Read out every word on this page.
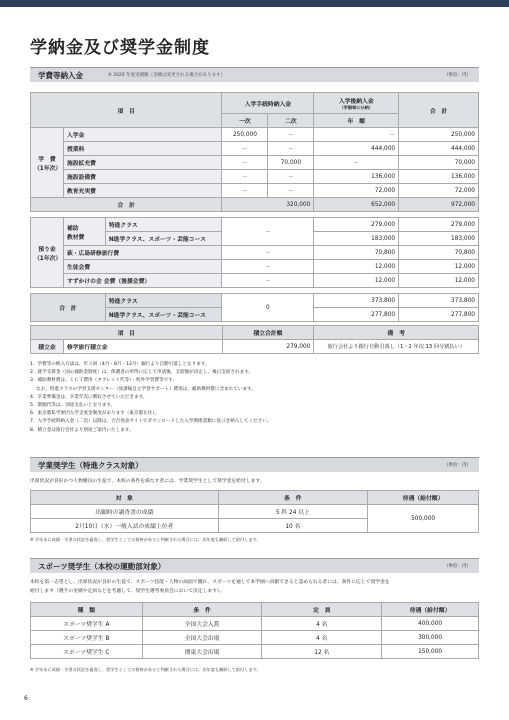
学納金及び奨学金制度
学費等納入金	※ 2020 年度実績額（金額は変更される場合があります）	（単位：円）
項　目			入学手続時納入金		入学後納入金
（学期毎に分納）	合　計
			一次	二次	年　額	
学　費
（1年次）	入学金		250,000	－	－	250,000
	授業料		－	－	444,000	444,000
	施設拡充費		－	70,000	－	70,000
	施設設備費		－	－	136,000	136,000
	教育充実費		－	－	72,000	72,000
合　計			320,000		652,000	972,000

預り金
（1年次）	補助
教材費	特進クラス	－		279,000	279,000
		N進学クラス、スポーツ・芸能コース			183,000	183,000
	萩・広島研修旅行費		－		70,800	70,800
	生徒会費		－		12,000	12,000
	すずかけの会 会費（後援会費）		－		12,000	12,000

合　計		特進クラス	0		373,800	373,800
		N進学クラス、スポーツ・芸能コース			277,800	277,800
項　目		積立合計額	備　考
積立金	修学旅行積立金	279,000	旅行会社より銀行自動引落し（1・2 年次 13 回分割払い）
1．学費等の納入方法は、年３回（4月・8月・12月）銀行より自動引落しとなります。
2．就学支援金（国の補助金制度）は、保護者の所得に応じて申請後、支給額が決定し、後日支給されます。
3．補助教材費は、ＩＣＴ費用（タブレット代等）・校外学習費等です。
　 なお、特進クラスの学習支援センター（放課後自主学習サポート）費用は、補助教材費に含まれています。
4．卒業準備金は、卒業年次に徴収させていただきます。
5．制服代等は、別途支払いとなります。
6．東京都私学財団入学支度金制度があります（東京都在住）。
7．入学手続時納入金（二次）以降は、合否発表サイトでダウンロードした入学関係書類に基づき納入してください。
8．積立金は旅行会社より別途ご案内いたします。
学業奨学生（特進クラス対象）	（単位：円）
出席状況が良好かつ人物優良の生徒で、本校の条件を満たす者には、学業奨学生として奨学金を給付します。
対　象	条　件	待遇（給付額）
出願時の調査書の成績	5 科 24 以上	500,000
2月10日（水）一般入試の成績上位者	10 名	
※ 学年末に成績・学習の状況を審査し、奨学生としての資格があると判断された場合には、次年度も継続して給付します。
スポーツ奨学生（本校の運動部対象）	（単位：円）
本校を第一志望とし、出席状況が良好の生徒で、スポーツ技能・人物の両面で優れ、スポーツを通して本学園へ貢献できると認められる者には、条件に応じて奨学金を
給付します（選手の実績や定員などを考慮して、奨学生選考委員会において決定します）。
種　類	条　件	定　員	待遇（給付額）
スポーツ奨学生 A	全国大会入賞	4 名	400,000
スポーツ奨学生 B	全国大会出場	4 名	300,000
スポーツ奨学生 C	関東大会出場	12 名	150,000
※ 学年末に成績・学習の状況を審査し、奨学生としての資格があると判断された場合には、次年度も継続して給付します。
6
